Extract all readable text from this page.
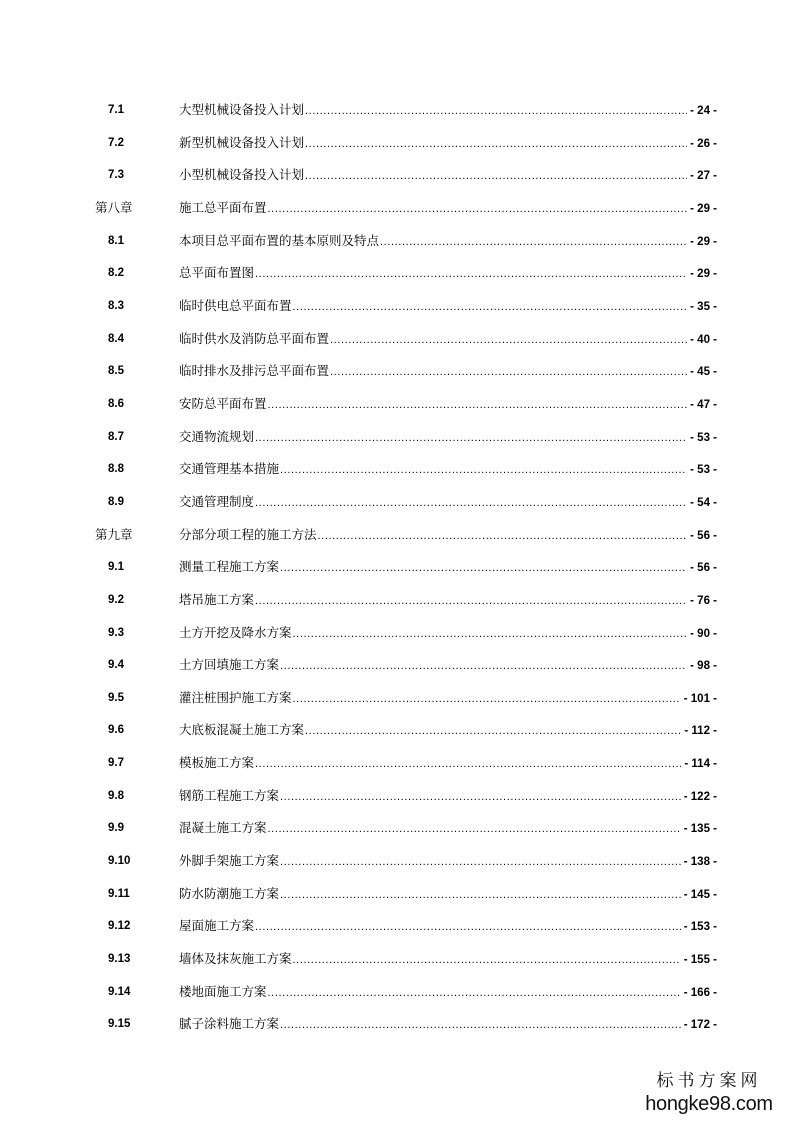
7.1	大型机械设备投入计划 .....	- 24 -
7.2	新型机械设备投入计划 .....	- 26 -
7.3	小型机械设备投入计划 .....	- 27 -
第八章	施工总平面布置 .....	- 29 -
8.1	本项目总平面布置的基本原则及特点 .....	- 29 -
8.2	总平面布置图 .....	- 29 -
8.3	临时供电总平面布置 .....	- 35 -
8.4	临时供水及消防总平面布置 .....	- 40 -
8.5	临时排水及排污总平面布置 .....	- 45 -
8.6	安防总平面布置 .....	- 47 -
8.7	交通物流规划 .....	- 53 -
8.8	交通管理基本措施 .....	- 53 -
8.9	交通管理制度 .....	- 54 -
第九章	分部分项工程的施工方法 .....	- 56 -
9.1	测量工程施工方案 .....	- 56 -
9.2	塔吊施工方案 .....	- 76 -
9.3	土方开挖及降水方案 .....	- 90 -
9.4	土方回填施工方案 .....	- 98 -
9.5	灌注桩围护施工方案 .....	- 101 -
9.6	大底板混凝土施工方案 .....	- 112 -
9.7	模板施工方案 .....	- 114 -
9.8	钢筋工程施工方案 .....	- 122 -
9.9	混凝土施工方案 .....	- 135 -
9.10	外脚手架施工方案 .....	- 138 -
9.11	防水防潮施工方案 .....	- 145 -
9.12	屋面施工方案 .....	- 153 -
9.13	墙体及抹灰施工方案 .....	- 155 -
9.14	楼地面施工方案 .....	- 166 -
9.15	腻子涂料施工方案 .....	- 172 -
标书方案网
hongke98.com
